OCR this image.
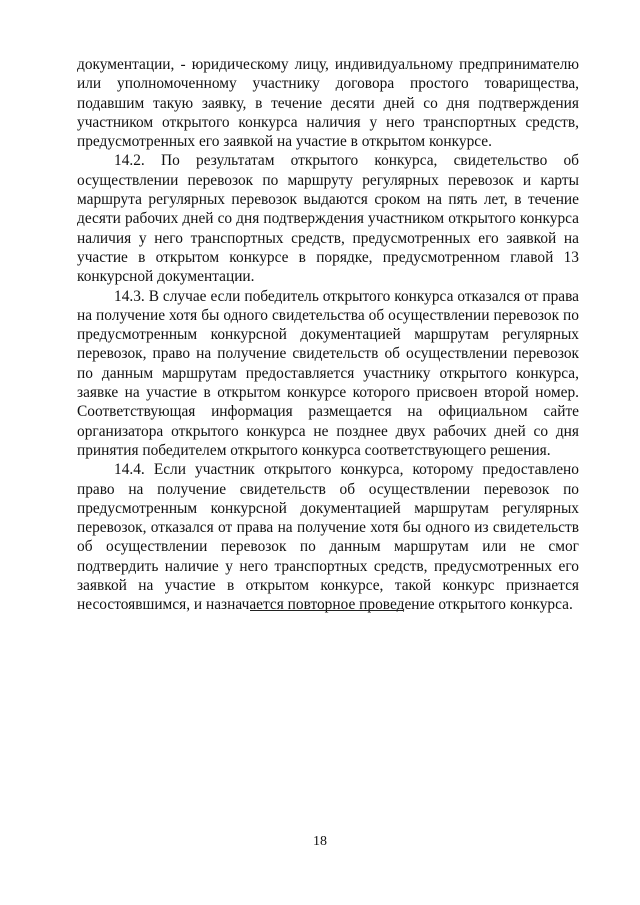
документации, - юридическому лицу, индивидуальному предпринимателю или уполномоченному участнику договора простого товарищества, подавшим такую заявку, в течение десяти дней со дня подтверждения участником открытого конкурса наличия у него транспортных средств, предусмотренных его заявкой на участие в открытом конкурсе.

14.2. По результатам открытого конкурса, свидетельство об осуществлении перевозок по маршруту регулярных перевозок и карты маршрута регулярных перевозок выдаются сроком на пять лет, в течение десяти рабочих дней со дня подтверждения участником открытого конкурса наличия у него транспортных средств, предусмотренных его заявкой на участие в открытом конкурсе в порядке, предусмотренном главой 13 конкурсной документации.

14.3. В случае если победитель открытого конкурса отказался от права на получение хотя бы одного свидетельства об осуществлении перевозок по предусмотренным конкурсной документацией маршрутам регулярных перевозок, право на получение свидетельств об осуществлении перевозок по данным маршрутам предоставляется участнику открытого конкурса, заявке на участие в открытом конкурсе которого присвоен второй номер. Соответствующая информация размещается на официальном сайте организатора открытого конкурса не позднее двух рабочих дней со дня принятия победителем открытого конкурса соответствующего решения.

14.4. Если участник открытого конкурса, которому предоставлено право на получение свидетельств об осуществлении перевозок по предусмотренным конкурсной документацией маршрутам регулярных перевозок, отказался от права на получение хотя бы одного из свидетельств об осуществлении перевозок по данным маршрутам или не смог подтвердить наличие у него транспортных средств, предусмотренных его заявкой на участие в открытом конкурсе, такой конкурс признается несостоявшимся, и назначается повторное проведение открытого конкурса.

18
